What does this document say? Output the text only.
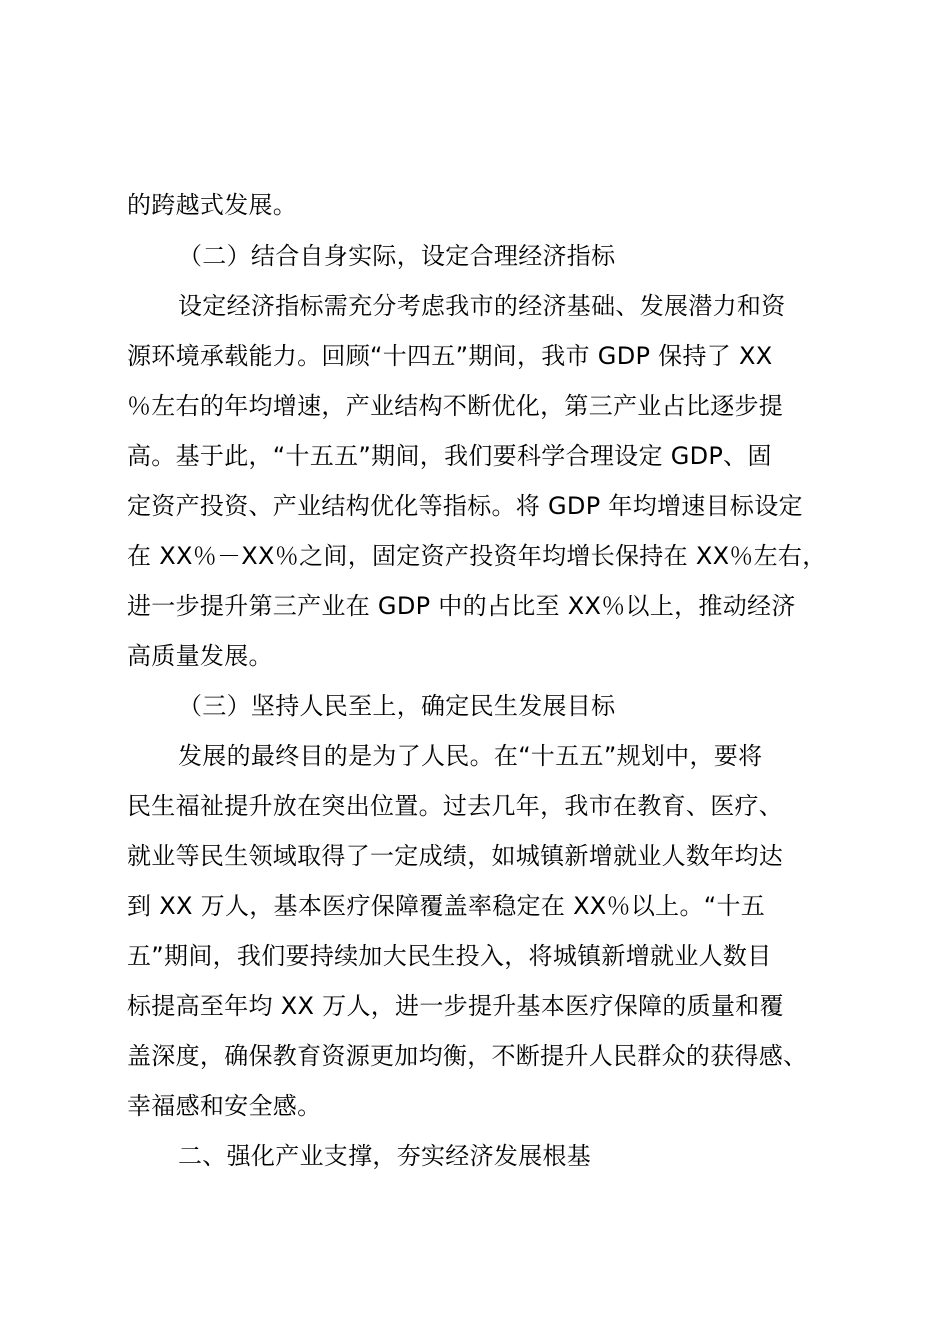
的跨越式发展。
（二）结合自身实际，设定合理经济指标
设定经济指标需充分考虑我市的经济基础、发展潜力和资
源环境承载能力。回顾“十四五”期间，我市 GDP 保持了 XX
％左右的年均增速，产业结构不断优化，第三产业占比逐步提
高。基于此，“十五五”期间，我们要科学合理设定 GDP、固
定资产投资、产业结构优化等指标。将 GDP 年均增速目标设定
在 XX％－XX％之间，固定资产投资年均增长保持在 XX％左右，
进一步提升第三产业在 GDP 中的占比至 XX％以上，推动经济
高质量发展。
（三）坚持人民至上，确定民生发展目标
发展的最终目的是为了人民。在“十五五”规划中，要将
民生福祉提升放在突出位置。过去几年，我市在教育、医疗、
就业等民生领域取得了一定成绩，如城镇新增就业人数年均达
到 XX 万人，基本医疗保障覆盖率稳定在 XX％以上。“十五
五”期间，我们要持续加大民生投入，将城镇新增就业人数目
标提高至年均 XX 万人，进一步提升基本医疗保障的质量和覆
盖深度，确保教育资源更加均衡，不断提升人民群众的获得感、
幸福感和安全感。
二、强化产业支撑，夯实经济发展根基
